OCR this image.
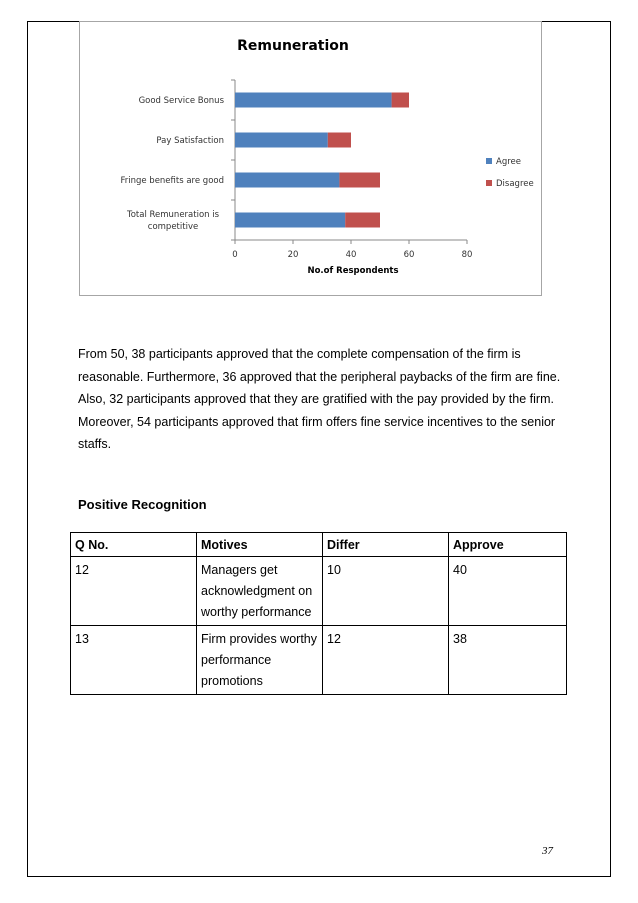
Remuneration
No.of Respondents
0	20	40	60	80
Good Service Bonus
Pay Satisfaction
Fringe benefits are good
Total Remuneration is competitive
Agree
Disagree

From 50, 38 participants approved that the complete compensation of the firm is reasonable. Furthermore, 36 approved that the peripheral paybacks of the firm are fine. Also, 32 participants approved that they are gratified with the pay provided by the firm. Moreover, 54 participants approved that firm offers fine service incentives to the senior staffs.

Positive Recognition
Q No.	Motives	Differ	Approve
12	Managers get acknowledgment on worthy performance	10	40
13	Firm provides worthy performance promotions	12	38
37
